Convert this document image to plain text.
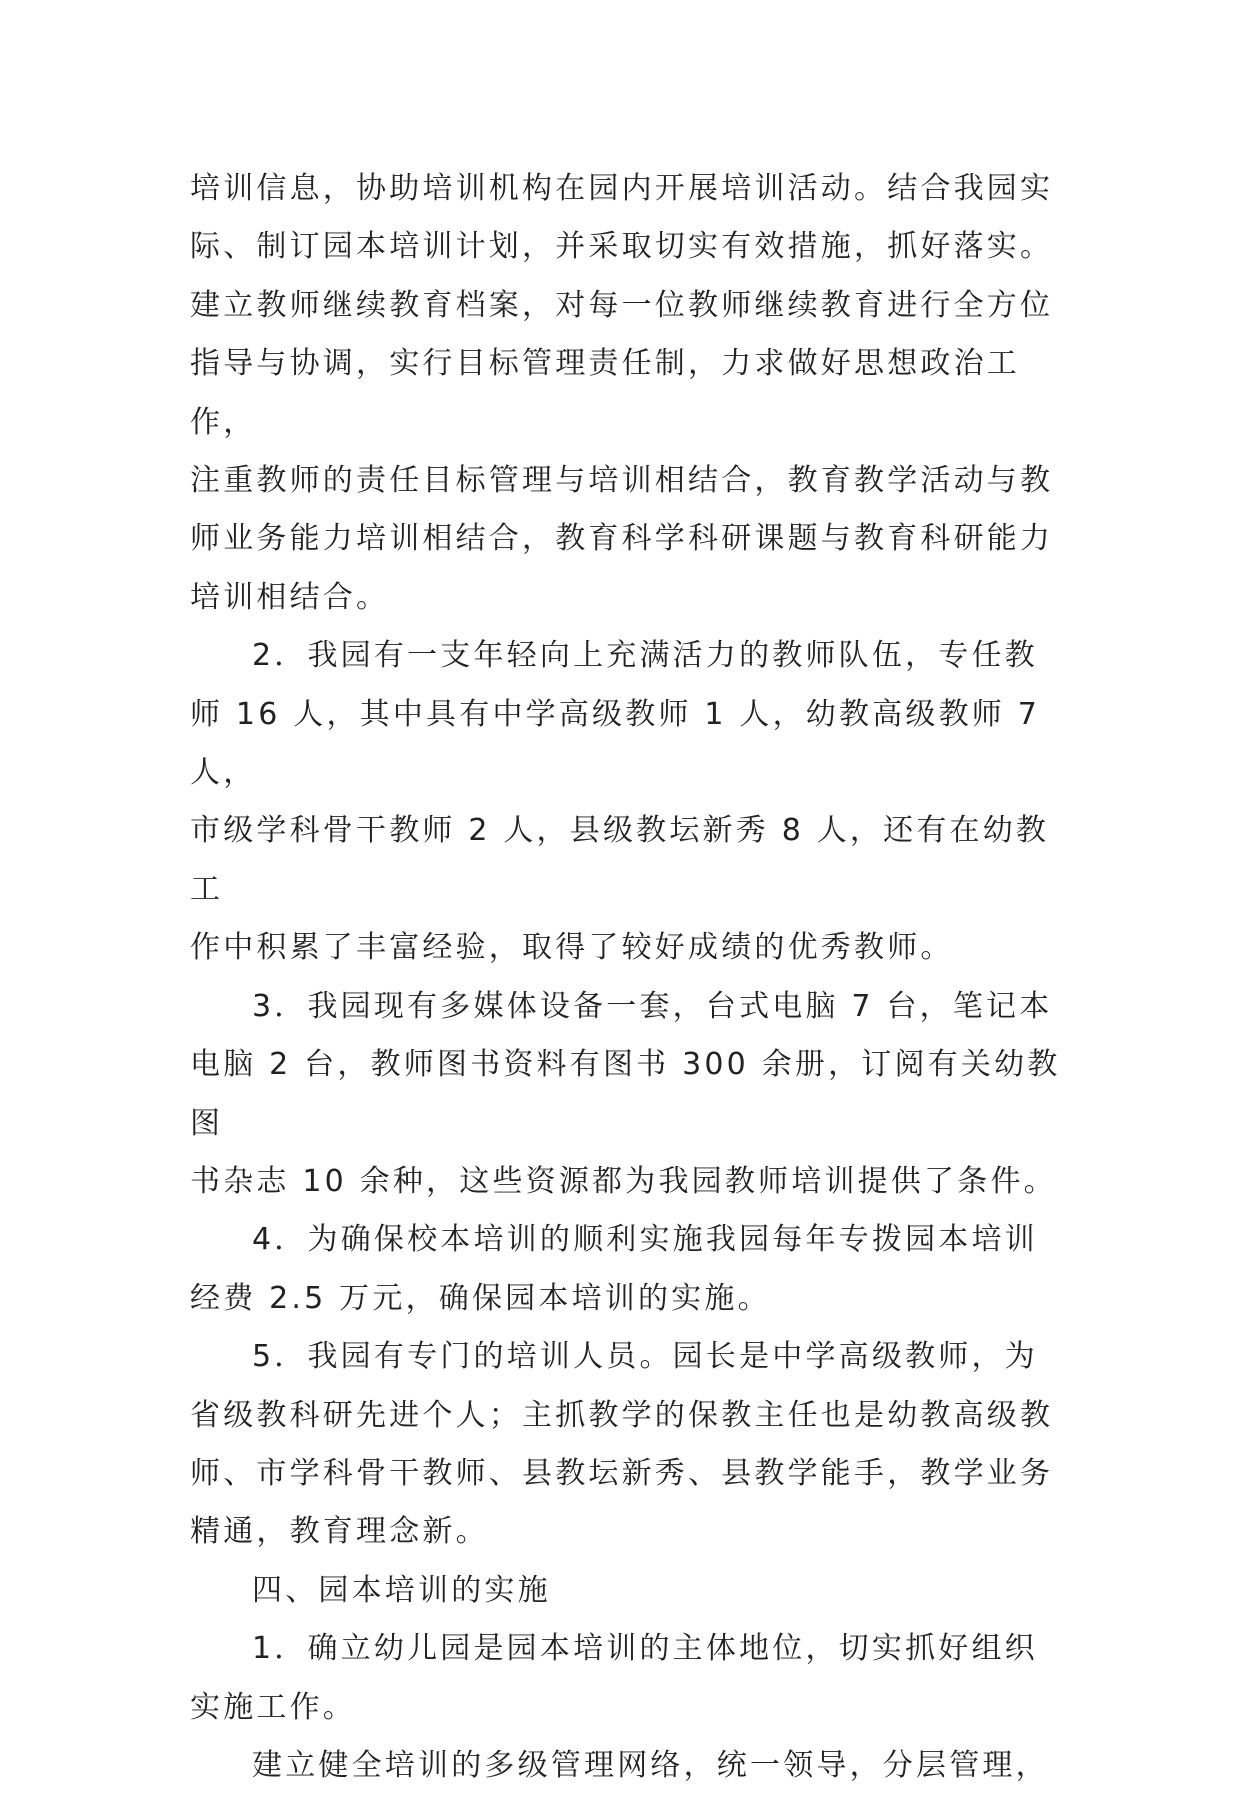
培训信息，协助培训机构在园内开展培训活动。结合我园实
际、制订园本培训计划，并采取切实有效措施，抓好落实。
建立教师继续教育档案，对每一位教师继续教育进行全方位
指导与协调，实行目标管理责任制，力求做好思想政治工作，
注重教师的责任目标管理与培训相结合，教育教学活动与教
师业务能力培训相结合，教育科学科研课题与教育科研能力
培训相结合。

2．我园有一支年轻向上充满活力的教师队伍，专任教
师 16 人，其中具有中学高级教师 1 人，幼教高级教师 7 人，
市级学科骨干教师 2 人，县级教坛新秀 8 人，还有在幼教工
作中积累了丰富经验，取得了较好成绩的优秀教师。

3．我园现有多媒体设备一套，台式电脑 7 台，笔记本
电脑 2 台，教师图书资料有图书 300 余册，订阅有关幼教图
书杂志 10 余种，这些资源都为我园教师培训提供了条件。

4．为确保校本培训的顺利实施我园每年专拨园本培训
经费 2.5 万元，确保园本培训的实施。

5．我园有专门的培训人员。园长是中学高级教师，为
省级教科研先进个人；主抓教学的保教主任也是幼教高级教
师、市学科骨干教师、县教坛新秀、县教学能手，教学业务
精通，教育理念新。

四、园本培训的实施

1．确立幼儿园是园本培训的主体地位，切实抓好组织
实施工作。

建立健全培训的多级管理网络，统一领导，分层管理，
